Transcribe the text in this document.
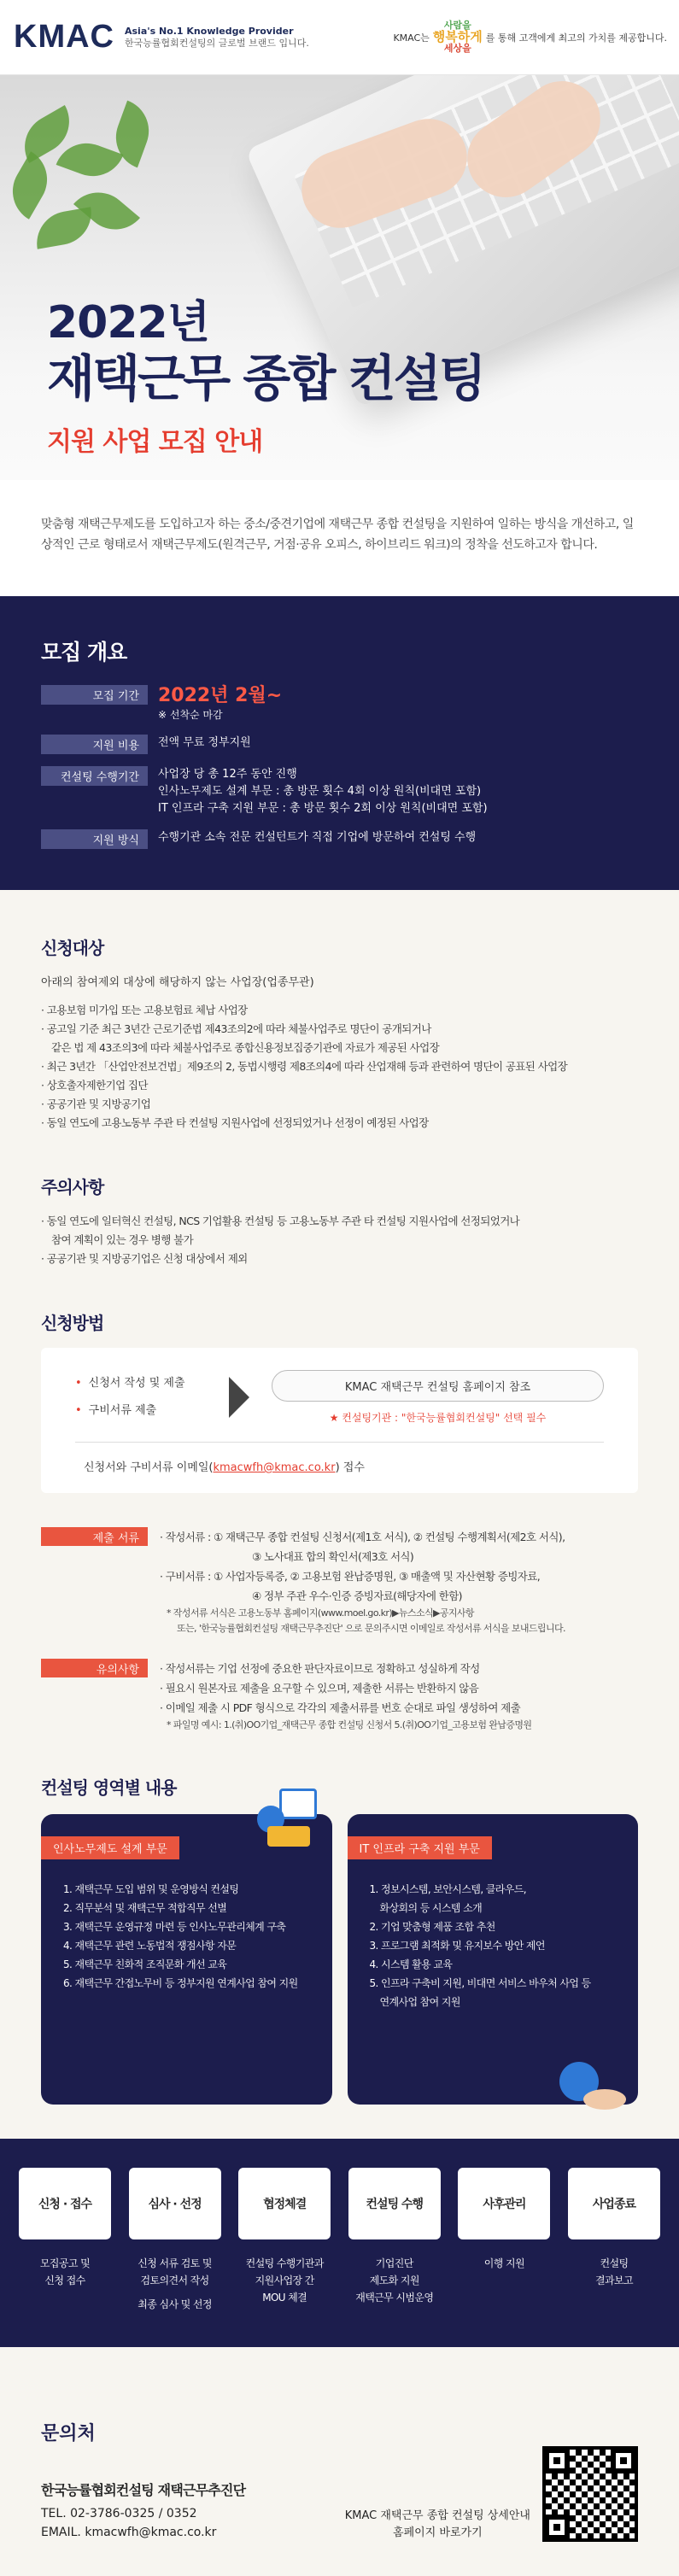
KMAC Asia's No.1 Knowledge Provider
한국능률협회컨설팅의 글로벌 브랜드 입니다.	KMAC는
사람을
행복하게
세상을
를 통해 고객에게 최고의 가치를 제공합니다.
2022년
재택근무 종합 컨설팅
지원 사업 모집 안내
맞춤형 재택근무제도를 도입하고자 하는 중소/중견기업에 재택근무 종합 컨설팅을 지원하여 일하는 방식을 개선하고, 일상적인 근로 형태로서 재택근무제도(원격근무, 거점·공유 오피스, 하이브리드 워크)의 정착을 선도하고자 합니다.
모집 개요
모집 기간	2022년 2월~
※ 선착순 마감
지원 비용	전액 무료 정부지원
컨설팅 수행기간	사업장 당 총 12주 동안 진행
인사노무제도 설계 부문 : 총 방문 횟수 4회 이상 원칙(비대면 포함)
IT 인프라 구축 지원 부문 : 총 방문 횟수 2회 이상 원칙(비대면 포함)
지원 방식	수행기관 소속 전문 컨설턴트가 직접 기업에 방문하여 컨설팅 수행
신청대상
아래의 참여제외 대상에 해당하지 않는 사업장(업종무관)
· 고용보험 미가입 또는 고용보험료 체납 사업장
· 공고일 기준 최근 3년간 근로기준법 제43조의2에 따라 체불사업주로 명단이 공개되거나
같은 법 제 43조의3에 따라 체불사업주로 종합신용정보집중기관에 자료가 제공된 사업장
· 최근 3년간 「산업안전보건법」제9조의 2, 동법시행령 제8조의4에 따라 산업재해 등과 관련하여 명단이 공표된 사업장
· 상호출자제한기업 집단
· 공공기관 및 지방공기업
· 동일 연도에 고용노동부 주관 타 컨설팅 지원사업에 선정되었거나 선정이 예정된 사업장
주의사항
· 동일 연도에 일터혁신 컨설팅, NCS 기업활용 컨설팅 등 고용노동부 주관 타 컨설팅 지원사업에 선정되었거나
참여 계획이 있는 경우 병행 불가
· 공공기관 및 지방공기업은 신청 대상에서 제외
신청방법
• 신청서 작성 및 제출
• 구비서류 제출
KMAC 재택근무 컨설팅 홈페이지 참조
★ 컨설팅기관 : "한국능률협회컨설팅" 선택 필수
신청서와 구비서류 이메일(kmacwfh@kmac.co.kr) 접수
제출 서류	· 작성서류 : ① 재택근무 종합 컨설팅 신청서(제1호 서식), ② 컨설팅 수행계획서(제2호 서식),
③ 노사대표 합의 확인서(제3호 서식)
· 구비서류 : ① 사업자등록증, ② 고용보험 완납증명원, ③ 매출액 및 자산현황 증빙자료,
④ 정부 주관 우수·인증 증빙자료(해당자에 한함)
* 작성서류 서식은 고용노동부 홈페이지(www.moel.go.kr)▶뉴스소식▶공지사항
또는, '한국능률협회컨설팅 재택근무추진단' 으로 문의주시면 이메일로 작성서류 서식을 보내드립니다.
유의사항	· 작성서류는 기업 선정에 중요한 판단자료이므로 정확하고 성실하게 작성
· 필요시 원본자료 제출을 요구할 수 있으며, 제출한 서류는 반환하지 않음
· 이메일 제출 시 PDF 형식으로 각각의 제출서류를 번호 순대로 파일 생성하여 제출
* 파일명 예시: 1.(취)OO기업_재택근무 종합 컨설팅 신청서 5.(취)OO기업_고용보험 완납증명원
컨설팅 영역별 내용
인사노무제도 설계 부문
1. 재택근무 도입 범위 및 운영방식 컨설팅
2. 직무분석 및 재택근무 적합직무 선별
3. 재택근무 운영규정 마련 등 인사노무관리체계 구축
4. 재택근무 관련 노동법적 쟁점사항 자문
5. 재택근무 친화적 조직문화 개선 교육
6. 재택근무 간접노무비 등 정부지원 연계사업 참여 지원
IT 인프라 구축 지원 부문
1. 정보시스템, 보안시스템, 클라우드,
화상회의 등 시스템 소개
2. 기업 맞춤형 제품 조합 추천
3. 프로그램 최적화 및 유지보수 방안 제언
4. 시스템 활용 교육
5. 인프라 구축비 지원, 비대면 서비스 바우처 사업 등
연계사업 참여 지원
신청 · 접수
모집공고 및
신청 접수
심사 · 선정
신청 서류 검토 및
검토의견서 작성
최종 심사 및 선정
협정체결
컨설팅 수행기관과
지원사업장 간
MOU 체결
컨설팅 수행
기업진단
제도화 지원
재택근무 시범운영
사후관리
이행 지원
사업종료
컨설팅
결과보고
문의처
한국능률협회컨설팅 재택근무추진단
TEL. 02-3786-0325 / 0352
EMAIL. kmacwfh@kmac.co.kr
KMAC 재택근무 종합 컨설팅 상세안내
홈페이지 바로가기
